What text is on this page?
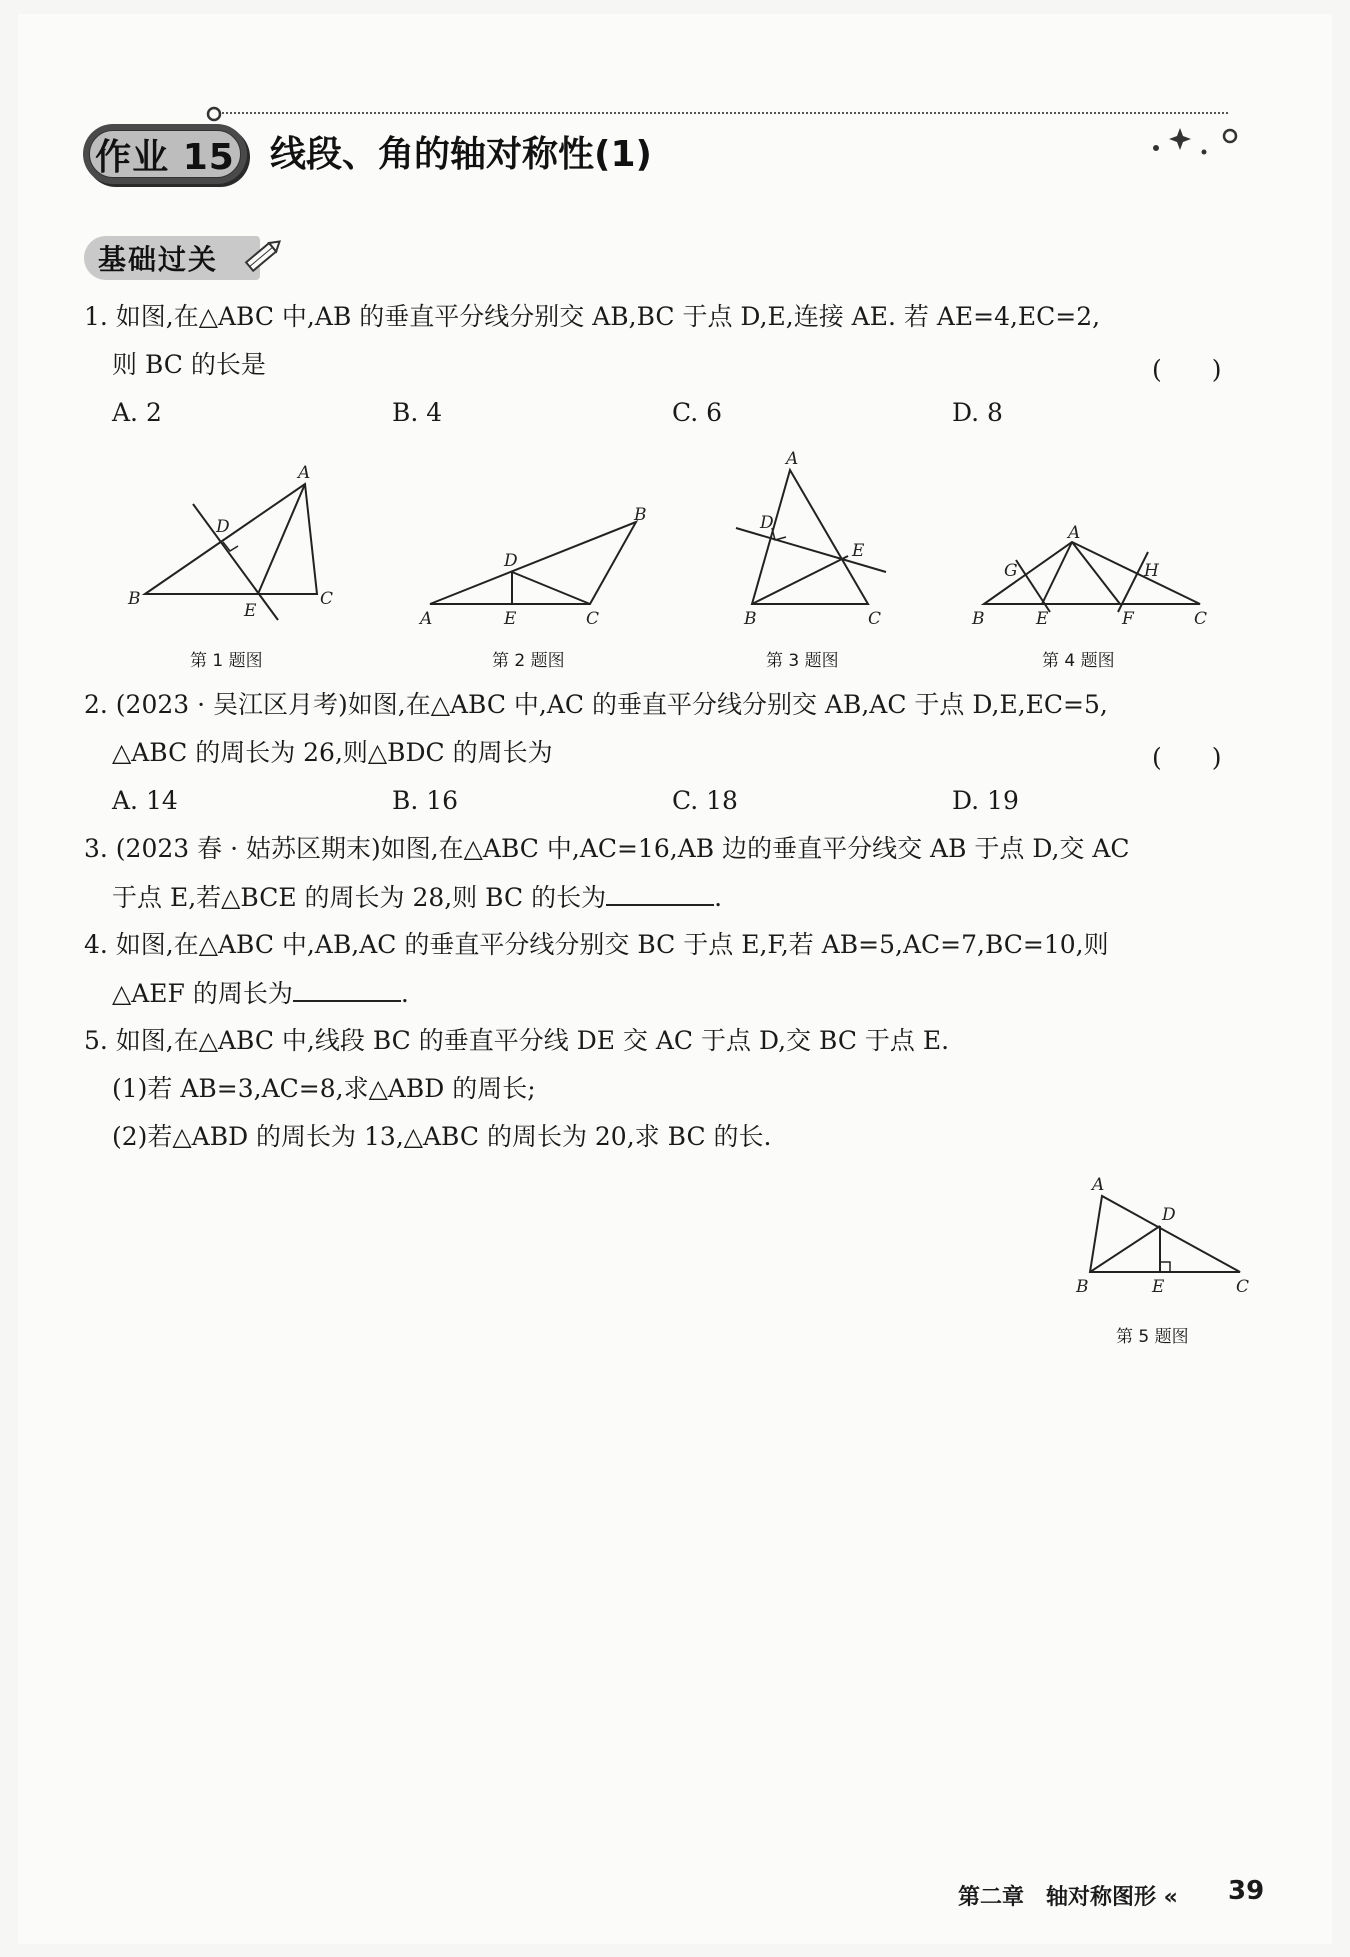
作业 15 线段、角的轴对称性(1)
基础过关
1. 如图,在△ABC 中,AB 的垂直平分线分别交 AB,BC 于点 D,E,连接 AE. 若 AE=4,EC=2,
则 BC 的长是	(　　)
A. 2	B. 4	C. 6	D. 8
A
B	C
D
E
B
A	E	C
D
A
D
E
B	C
A
G	H
B	E	F	C
A
D
B	E	C
第 1 题图	第 2 题图	第 3 题图	第 4 题图
第 5 题图
2. (2023 · 吴江区月考)如图,在△ABC 中,AC 的垂直平分线分别交 AB,AC 于点 D,E,EC=5,
△ABC 的周长为 26,则△BDC 的周长为	(　　)
A. 14	B. 16	C. 18	D. 19
3. (2023 春 · 姑苏区期末)如图,在△ABC 中,AC=16,AB 边的垂直平分线交 AB 于点 D,交 AC
于点 E,若△BCE 的周长为 28,则 BC 的长为	.
4. 如图,在△ABC 中,AB,AC 的垂直平分线分别交 BC 于点 E,F,若 AB=5,AC=7,BC=10,则
△AEF 的周长为	.
5. 如图,在△ABC 中,线段 BC 的垂直平分线 DE 交 AC 于点 D,交 BC 于点 E.
(1)若 AB=3,AC=8,求△ABD 的周长;
(2)若△ABD 的周长为 13,△ABC 的周长为 20,求 BC 的长.
第二章　轴对称图形 « 39
